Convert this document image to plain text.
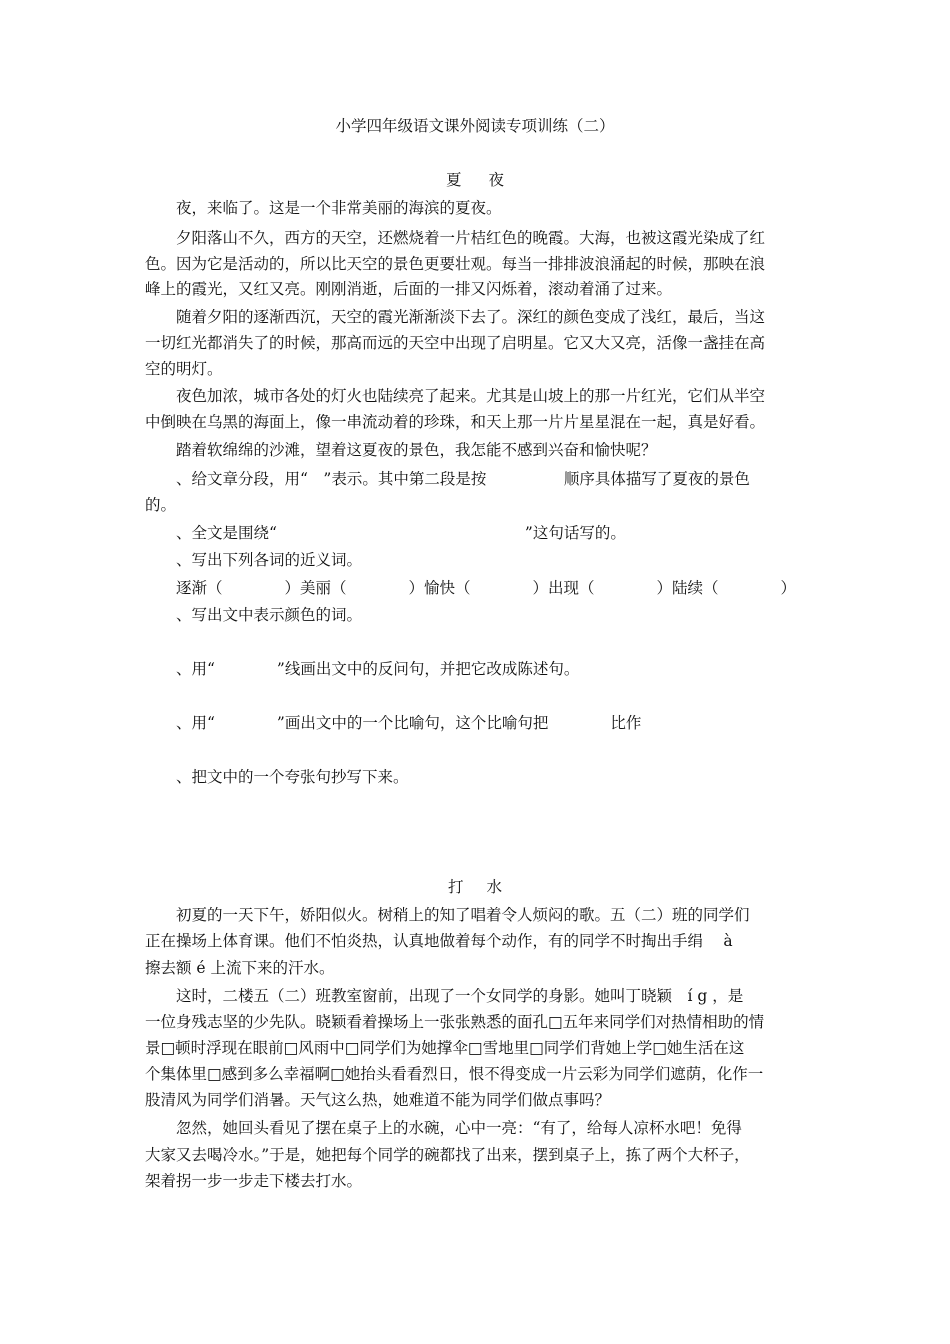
小学四年级语文课外阅读专项训练（二）
夏 夜
　　夜，来临了。这是一个非常美丽的海滨的夏夜。
　　夕阳落山不久，西方的天空，还燃烧着一片桔红色的晚霞。大海，也被这霞光染成了红
色。因为它是活动的，所以比天空的景色更要壮观。每当一排排波浪涌起的时候，那映在浪
峰上的霞光，又红又亮。刚刚消逝，后面的一排又闪烁着，滚动着涌了过来。
　　随着夕阳的逐渐西沉，天空的霞光渐渐淡下去了。深红的颜色变成了浅红，最后，当这
一切红光都消失了的时候，那高而远的天空中出现了启明星。它又大又亮，活像一盏挂在高
空的明灯。
　　夜色加浓，城市各处的灯火也陆续亮了起来。尤其是山坡上的那一片红光，它们从半空
中倒映在乌黑的海面上，像一串流动着的珍珠，和天上那一片片星星混在一起，真是好看。
　　踏着软绵绵的沙滩，望着这夏夜的景色，我怎能不感到兴奋和愉快呢？
　　、给文章分段，用“　”表示。其中第二段是按　　　　　顺序具体描写了夏夜的景色
的。
　　、全文是围绕“　　　　　　　　　　　　　　　　”这句话写的。
　　、写出下列各词的近义词。
　　逐渐（　　　　）美丽（　　　　）愉快（　　　　）出现（　　　　）陆续（　　　　）
　　、写出文中表示颜色的词。
　　、用“　　　　”线画出文中的反问句，并把它改成陈述句。
　　、用“　　　　”画出文中的一个比喻句，这个比喻句把　　　　比作
　　、把文中的一个夸张句抄写下来。
打 水
　　初夏的一天下午，娇阳似火。树稍上的知了唱着令人烦闷的歌。五（二）班的同学们
正在操场上体育课。他们不怕炎热，认真地做着每个动作，有的同学不时掏出手绢　 à
擦去额 é 上流下来的汗水。
　　这时，二楼五（二）班教室窗前，出现了一个女同学的身影。她叫丁晓颖　í g ，是
一位身残志坚的少先队。晓颖看着操场上一张张熟悉的面孔□五年来同学们对热情相助的情
景□顿时浮现在眼前□风雨中□同学们为她撑伞□雪地里□同学们背她上学□她生活在这
个集体里□感到多么幸福啊□她抬头看看烈日，恨不得变成一片云彩为同学们遮荫，化作一
股清风为同学们消暑。天气这么热，她难道不能为同学们做点事吗？
　　忽然，她回头看见了摆在桌子上的水碗，心中一亮：“有了，给每人凉杯水吧！免得
大家又去喝冷水。”于是，她把每个同学的碗都找了出来，摆到桌子上，拣了两个大杯子，
架着拐一步一步走下楼去打水。
